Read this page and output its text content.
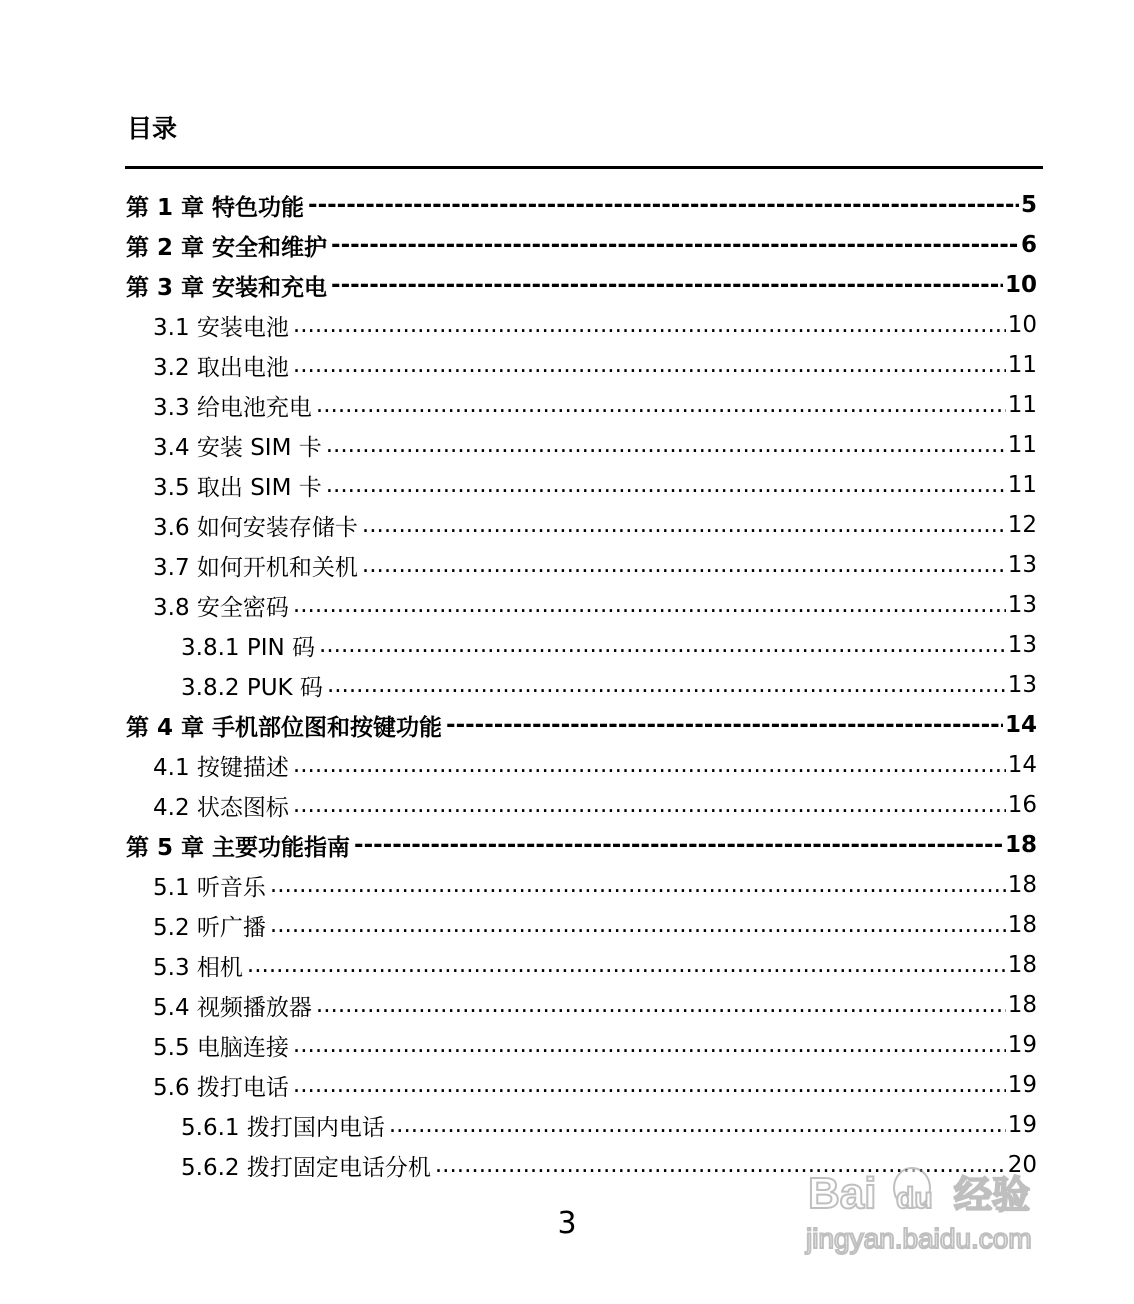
目录
第 1 章 特色功能 -----	5
第 2 章 安全和维护 -----	6
第 3 章 安装和充电 -----	10
3.1 安装电池 .....	10
3.2 取出电池 .....	11
3.3 给电池充电 .....	11
3.4 安装 SIM 卡 .....	11
3.5 取出 SIM 卡 .....	11
3.6 如何安装存储卡 .....	12
3.7 如何开机和关机 .....	13
3.8 安全密码 .....	13
3.8.1 PIN 码 .....	13
3.8.2 PUK 码 .....	13
第 4 章 手机部位图和按键功能 -----	14
4.1 按键描述 .....	14
4.2 状态图标 .....	16
第 5 章 主要功能指南 -----	18
5.1 听音乐 .....	18
5.2 听广播 .....	18
5.3 相机 .....	18
5.4 视频播放器 .....	18
5.5 电脑连接 .....	19
5.6 拨打电话 .....	19
5.6.1 拨打国内电话 .....	19
5.6.2 拨打固定电话分机 .....	20
3
Bai du 经验
jingyan.baidu.com
